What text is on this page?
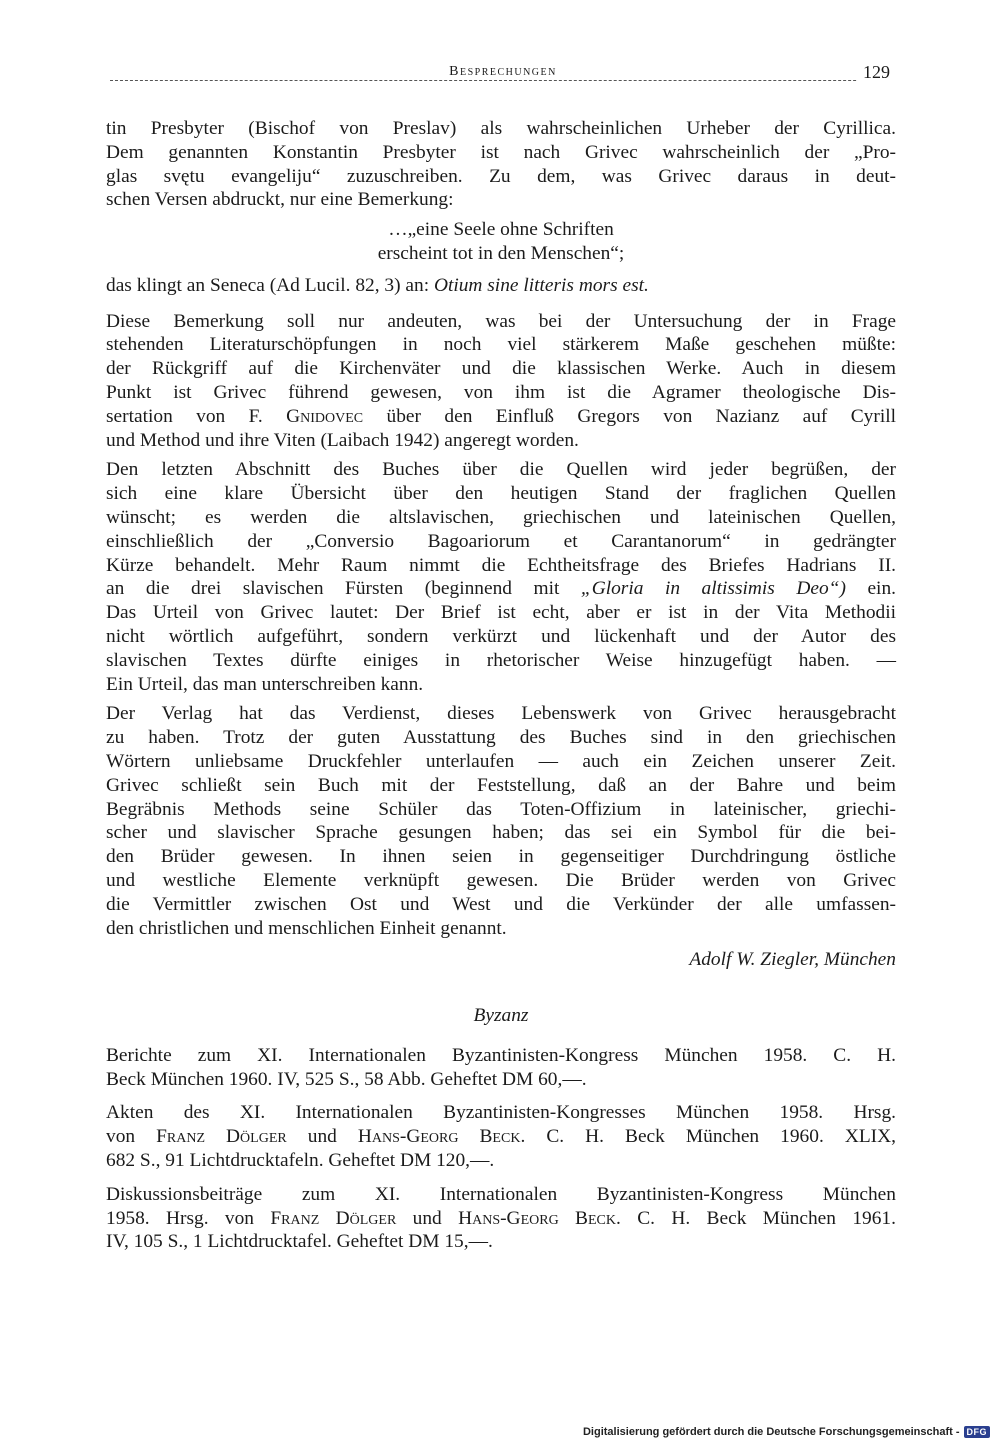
Besprechungen	129
tin Presbyter (Bischof von Preslav) als wahrscheinlichen Urheber der Cyrillica.
Dem genannten Konstantin Presbyter ist nach Grivec wahrscheinlich der „Pro-
glas svętu evangeliju“ zuzuschreiben. Zu dem, was Grivec daraus in deut-
schen Versen abdruckt, nur eine Bemerkung:
…„eine Seele ohne Schriften
erscheint tot in den Menschen“;
das klingt an Seneca (Ad Lucil. 82, 3) an: Otium sine litteris mors est.
Diese Bemerkung soll nur andeuten, was bei der Untersuchung der in Frage
stehenden Literaturschöpfungen in noch viel stärkerem Maße geschehen müßte:
der Rückgriff auf die Kirchenväter und die klassischen Werke. Auch in diesem
Punkt ist Grivec führend gewesen, von ihm ist die Agramer theologische Dis-
sertation von F. Gnidovec über den Einfluß Gregors von Nazianz auf Cyrill
und Method und ihre Viten (Laibach 1942) angeregt worden.
Den letzten Abschnitt des Buches über die Quellen wird jeder begrüßen, der
sich eine klare Übersicht über den heutigen Stand der fraglichen Quellen
wünscht; es werden die altslavischen, griechischen und lateinischen Quellen,
einschließlich der „Conversio Bagoariorum et Carantanorum“ in gedrängter
Kürze behandelt. Mehr Raum nimmt die Echtheitsfrage des Briefes Hadrians II.
an die drei slavischen Fürsten (beginnend mit „Gloria in altissimis Deo“) ein.
Das Urteil von Grivec lautet: Der Brief ist echt, aber er ist in der Vita Methodii
nicht wörtlich aufgeführt, sondern verkürzt und lückenhaft und der Autor des
slavischen Textes dürfte einiges in rhetorischer Weise hinzugefügt haben. —
Ein Urteil, das man unterschreiben kann.
Der Verlag hat das Verdienst, dieses Lebenswerk von Grivec herausgebracht
zu haben. Trotz der guten Ausstattung des Buches sind in den griechischen
Wörtern unliebsame Druckfehler unterlaufen — auch ein Zeichen unserer Zeit.
Grivec schließt sein Buch mit der Feststellung, daß an der Bahre und beim
Begräbnis Methods seine Schüler das Toten-Offizium in lateinischer, griechi-
scher und slavischer Sprache gesungen haben; das sei ein Symbol für die bei-
den Brüder gewesen. In ihnen seien in gegenseitiger Durchdringung östliche
und westliche Elemente verknüpft gewesen. Die Brüder werden von Grivec
die Vermittler zwischen Ost und West und die Verkünder der alle umfassen-
den christlichen und menschlichen Einheit genannt.
Adolf W. Ziegler, München
Byzanz
Berichte zum XI. Internationalen Byzantinisten-Kongress München 1958. C. H.
Beck München 1960. IV, 525 S., 58 Abb. Geheftet DM 60,—.
Akten des XI. Internationalen Byzantinisten-Kongresses München 1958. Hrsg.
von Franz Dölger und Hans-Georg Beck. C. H. Beck München 1960. XLIX,
682 S., 91 Lichtdrucktafeln. Geheftet DM 120,—.
Diskussionsbeiträge zum XI. Internationalen Byzantinisten-Kongress München
1958. Hrsg. von Franz Dölger und Hans-Georg Beck. C. H. Beck München 1961.
IV, 105 S., 1 Lichtdrucktafel. Geheftet DM 15,—.
Digitalisierung gefördert durch die Deutsche Forschungsgemeinschaft - DFG
